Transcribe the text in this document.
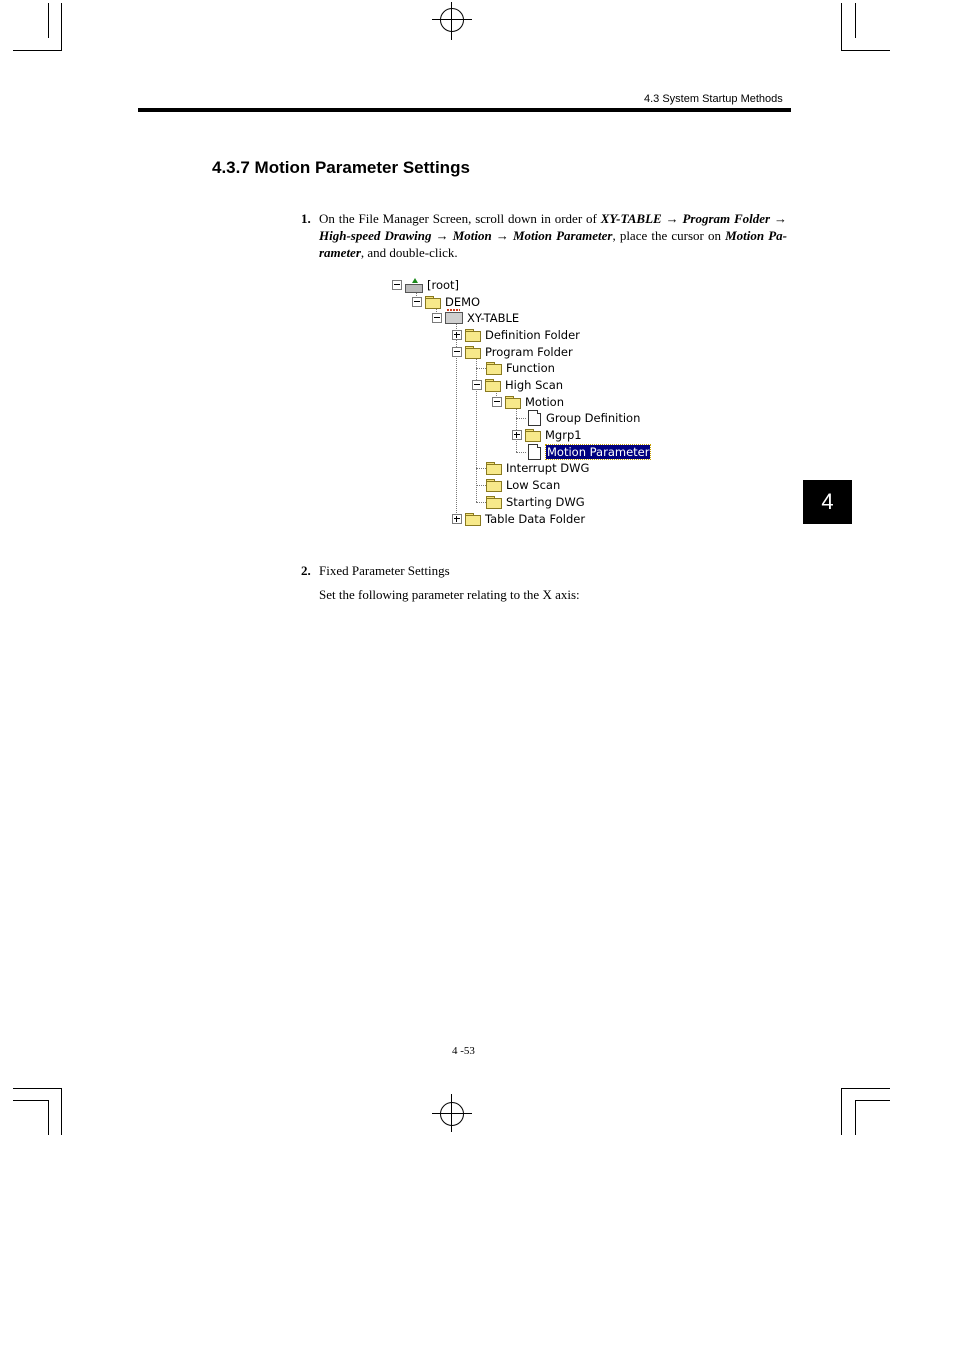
4.3 System Startup Methods
4.3.7 Motion Parameter Settings
1. On the File Manager Screen, scroll down in order of XY-TABLE → Program Folder → High-speed Drawing → Motion → Motion Parameter, place the cursor on Motion Pa-rameter, and double-click.
[root]
DEMO
XY-TABLE
Definition Folder
Program Folder
Function
High Scan
Motion
Group Definition
Mgrp1
Motion Parameter
Interrupt DWG
Low Scan
Starting DWG
Table Data Folder
2. Fixed Parameter Settings
Set the following parameter relating to the X axis:
4
4 -53
